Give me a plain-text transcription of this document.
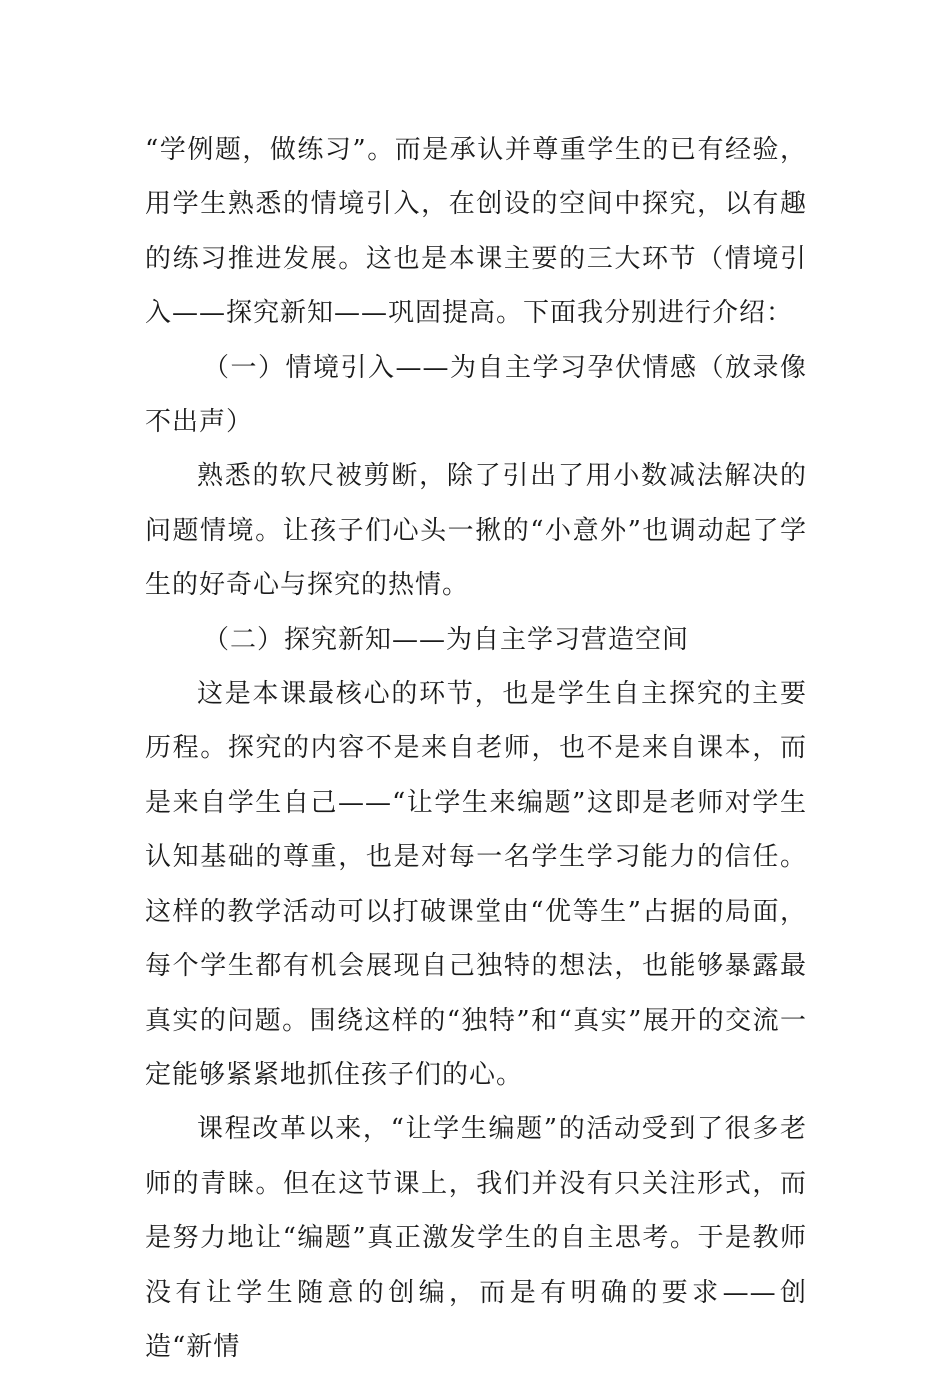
“学例题，做练习”。而是承认并尊重学生的已有经验，用学生熟悉的情境引入，在创设的空间中探究，以有趣的练习推进发展。这也是本课主要的三大环节（情境引入——探究新知——巩固提高。下面我分别进行介绍：

（一）情境引入——为自主学习孕伏情感（放录像不出声）

熟悉的软尺被剪断，除了引出了用小数减法解决的问题情境。让孩子们心头一揪的“小意外”也调动起了学生的好奇心与探究的热情。

（二）探究新知——为自主学习营造空间

这是本课最核心的环节，也是学生自主探究的主要历程。探究的内容不是来自老师，也不是来自课本，而是来自学生自己——“让学生来编题”这即是老师对学生认知基础的尊重，也是对每一名学生学习能力的信任。这样的教学活动可以打破课堂由“优等生”占据的局面，每个学生都有机会展现自己独特的想法，也能够暴露最真实的问题。围绕这样的“独特”和“真实”展开的交流一定能够紧紧地抓住孩子们的心。

课程改革以来，“让学生编题”的活动受到了很多老师的青睐。但在这节课上，我们并没有只关注形式，而是努力地让“编题”真正激发学生的自主思考。于是教师没有让学生随意的创编，而是有明确的要求——创造“新情
